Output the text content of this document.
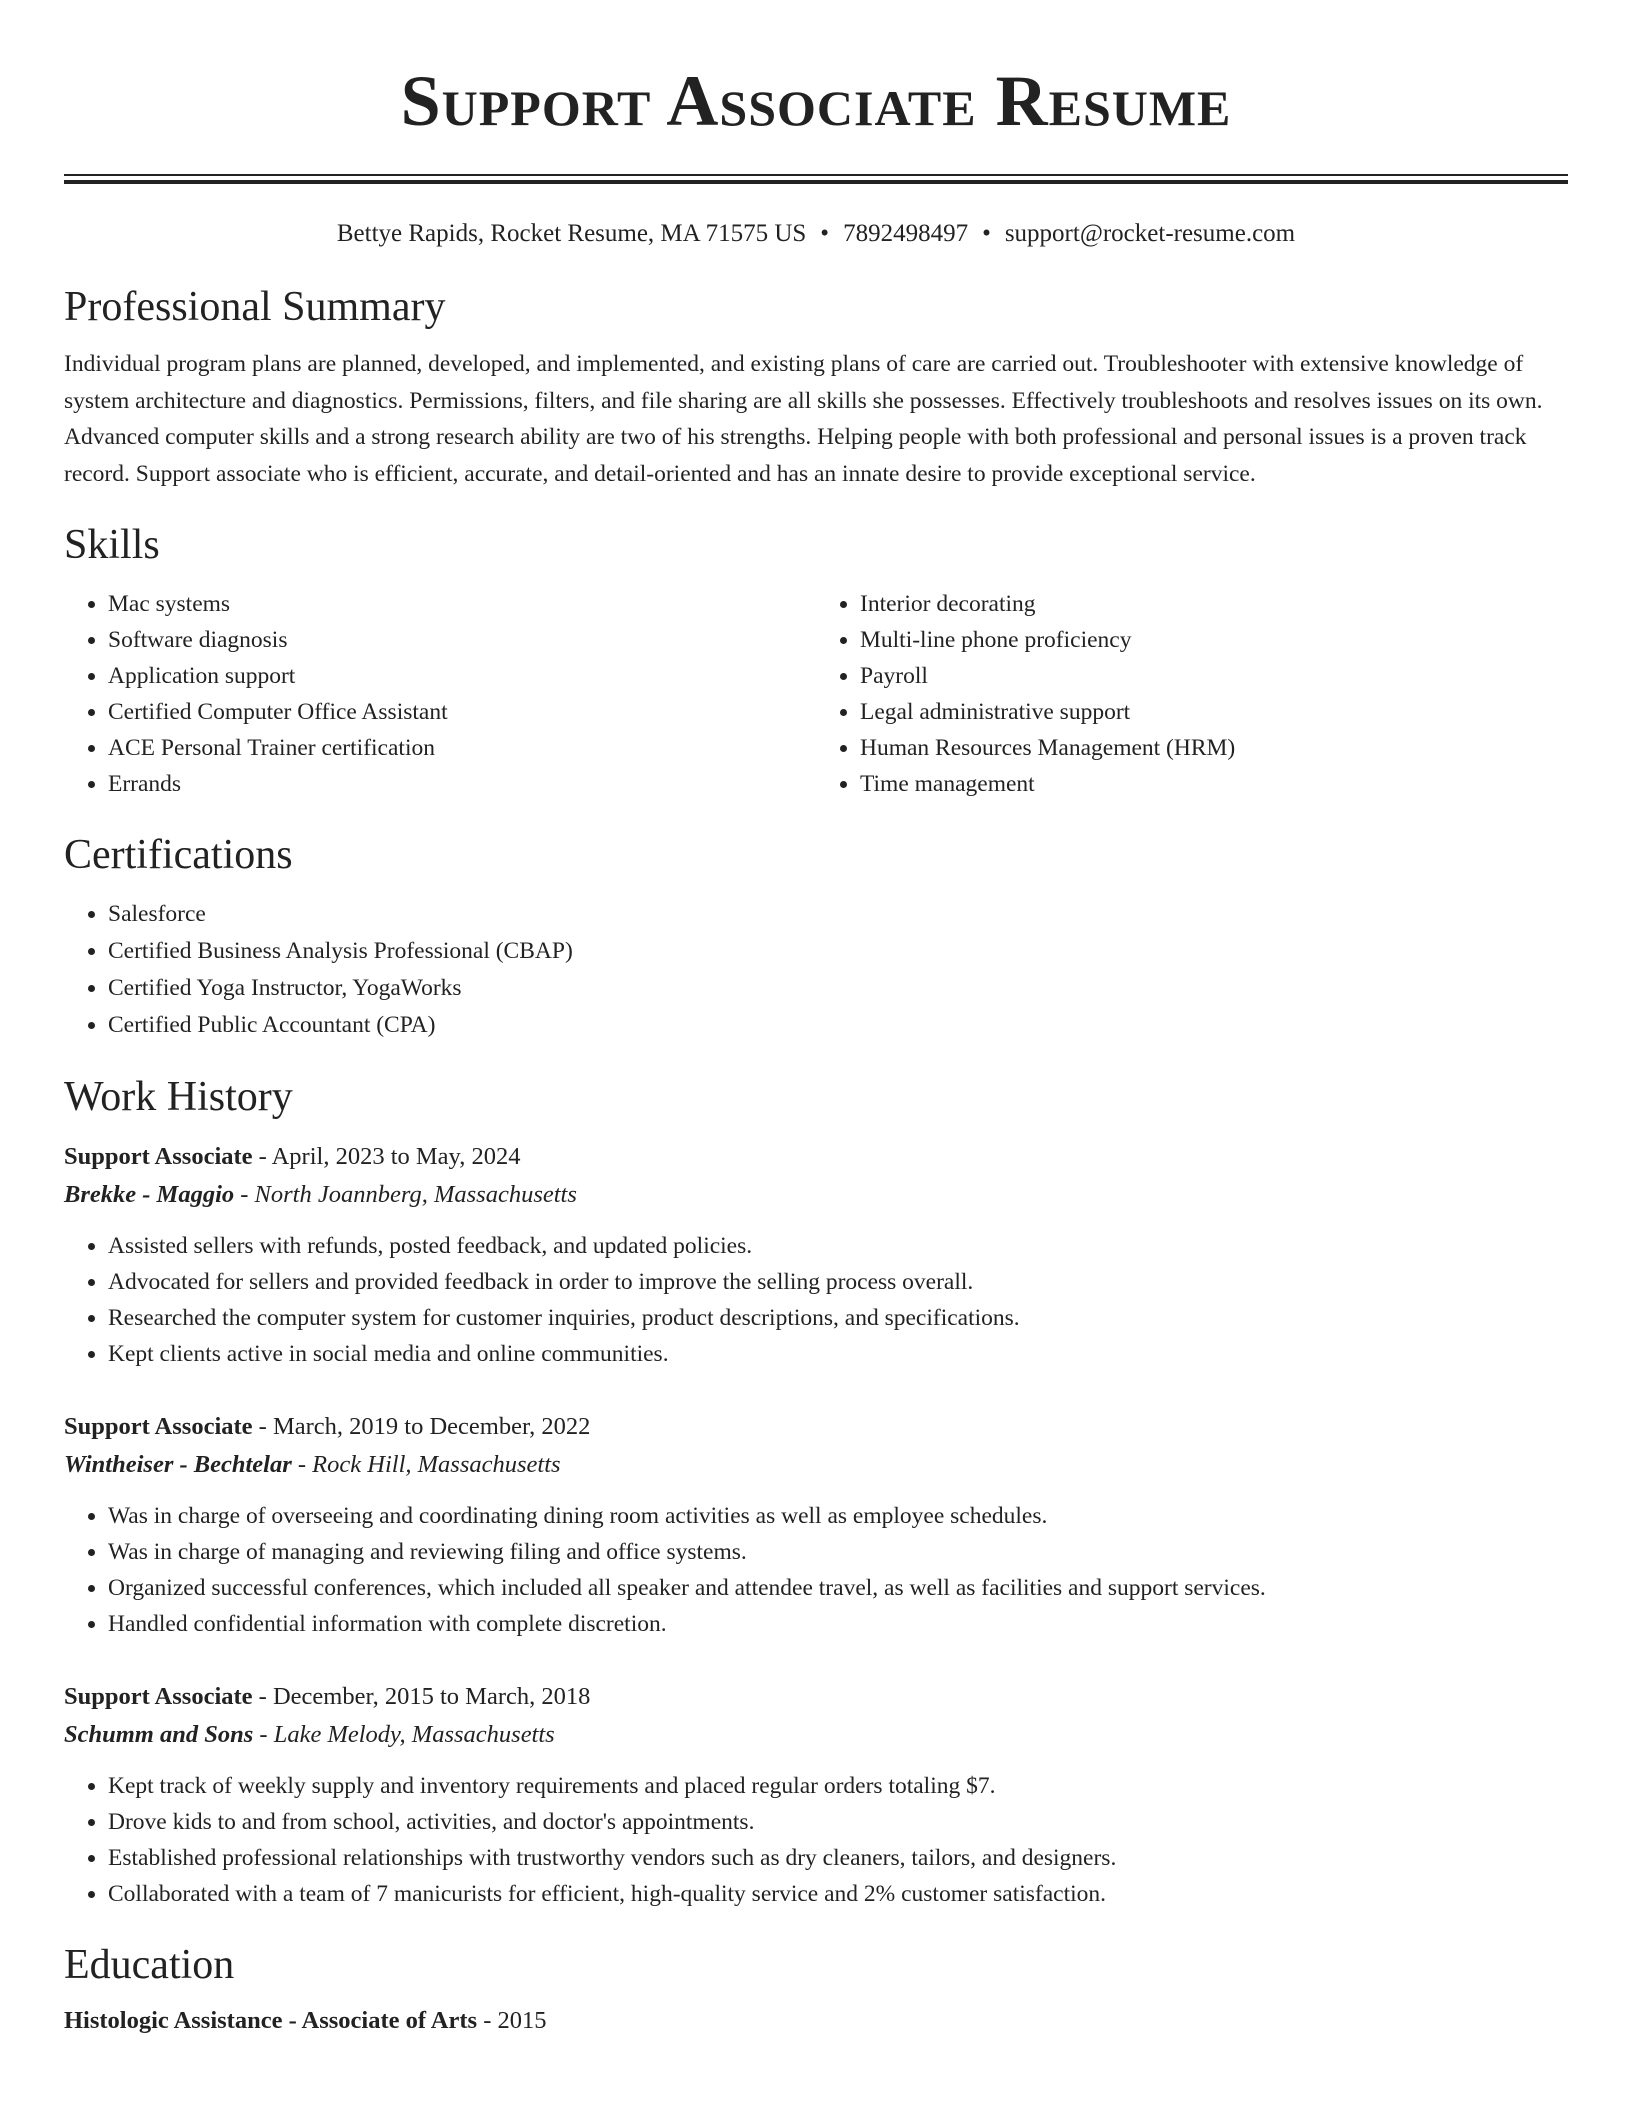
Support Associate Resume
Bettye Rapids, Rocket Resume, MA 71575 US • 7892498497 • support@rocket-resume.com
Professional Summary

Individual program plans are planned, developed, and implemented, and existing plans of care are carried out. Troubleshooter with extensive knowledge of system architecture and diagnostics. Permissions, filters, and file sharing are all skills she possesses. Effectively troubleshoots and resolves issues on its own. Advanced computer skills and a strong research ability are two of his strengths. Helping people with both professional and personal issues is a proven track record. Support associate who is efficient, accurate, and detail-oriented and has an innate desire to provide exceptional service.

Skills
• Mac systems
• Software diagnosis
• Application support
• Certified Computer Office Assistant
• ACE Personal Trainer certification
• Errands
• Interior decorating
• Multi-line phone proficiency
• Payroll
• Legal administrative support
• Human Resources Management (HRM)
• Time management
Certifications
• Salesforce
• Certified Business Analysis Professional (CBAP)
• Certified Yoga Instructor, YogaWorks
• Certified Public Accountant (CPA)
Work History
Support Associate - April, 2023 to May, 2024
Brekke - Maggio - North Joannberg, Massachusetts
• Assisted sellers with refunds, posted feedback, and updated policies.
• Advocated for sellers and provided feedback in order to improve the selling process overall.
• Researched the computer system for customer inquiries, product descriptions, and specifications.
• Kept clients active in social media and online communities.
Support Associate - March, 2019 to December, 2022
Wintheiser - Bechtelar - Rock Hill, Massachusetts
• Was in charge of overseeing and coordinating dining room activities as well as employee schedules.
• Was in charge of managing and reviewing filing and office systems.
• Organized successful conferences, which included all speaker and attendee travel, as well as facilities and support services.
• Handled confidential information with complete discretion.
Support Associate - December, 2015 to March, 2018
Schumm and Sons - Lake Melody, Massachusetts
• Kept track of weekly supply and inventory requirements and placed regular orders totaling $7.
• Drove kids to and from school, activities, and doctor's appointments.
• Established professional relationships with trustworthy vendors such as dry cleaners, tailors, and designers.
• Collaborated with a team of 7 manicurists for efficient, high-quality service and 2% customer satisfaction.
Education
Histologic Assistance - Associate of Arts - 2015
